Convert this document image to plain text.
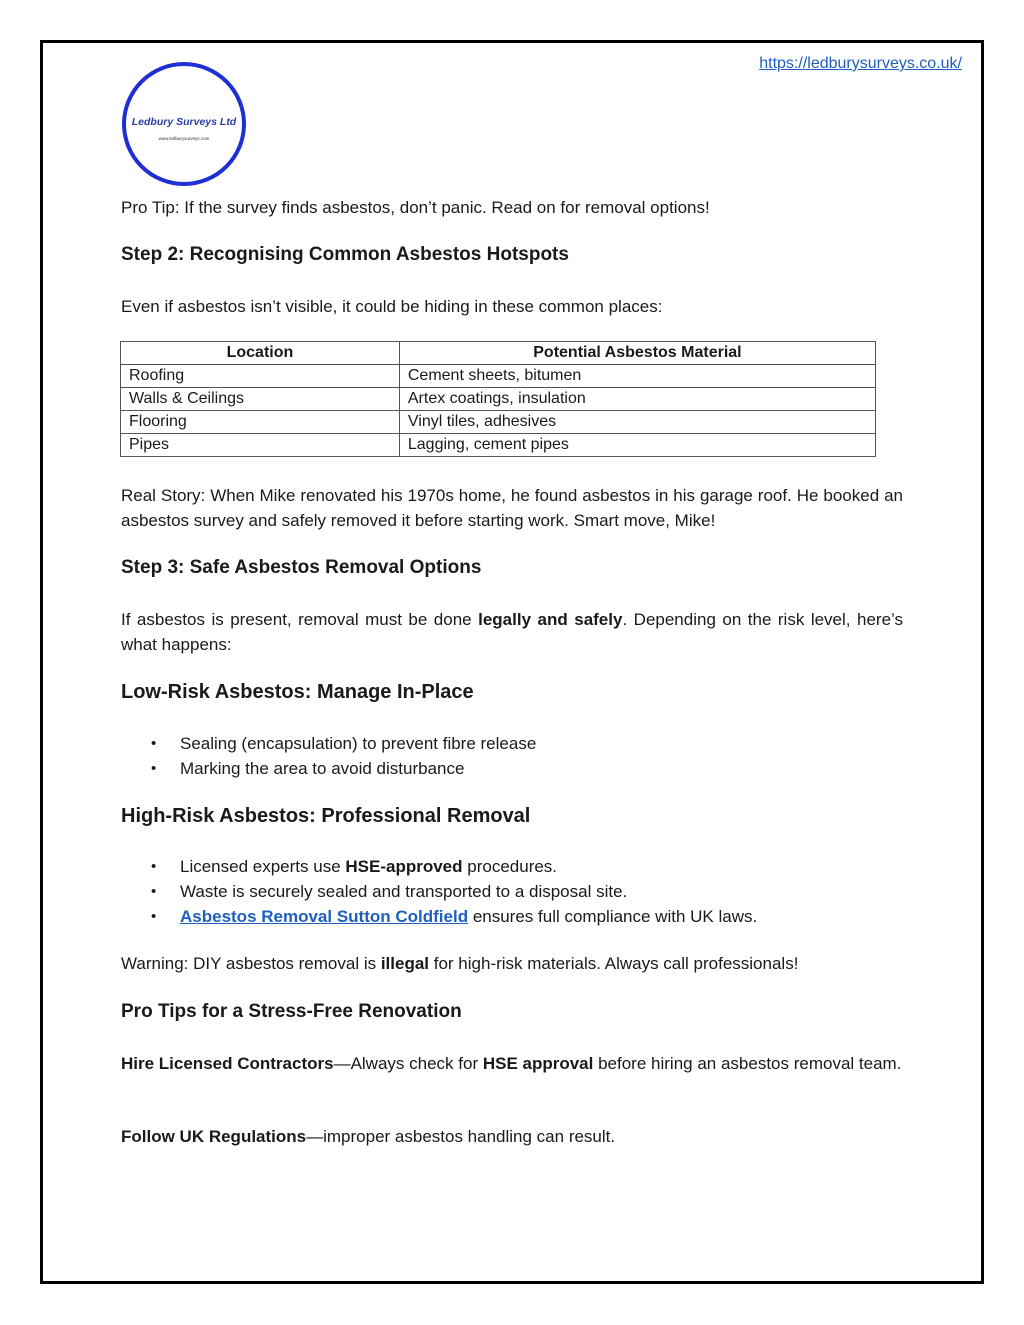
https://ledburysurveys.co.uk/
Ledbury Surveys Ltd
www.ledburysurveys.com
Pro Tip: If the survey finds asbestos, don’t panic. Read on for removal options!
Step 2: Recognising Common Asbestos Hotspots
Even if asbestos isn’t visible, it could be hiding in these common places:
Location	Potential Asbestos Material
Roofing	Cement sheets, bitumen
Walls & Ceilings	Artex coatings, insulation
Flooring	Vinyl tiles, adhesives
Pipes	Lagging, cement pipes
Real Story: When Mike renovated his 1970s home, he found asbestos in his garage roof. He booked an asbestos survey and safely removed it before starting work. Smart move, Mike!
Step 3: Safe Asbestos Removal Options
If asbestos is present, removal must be done legally and safely. Depending on the risk level, here’s what happens:
Low-Risk Asbestos: Manage In-Place
• Sealing (encapsulation) to prevent fibre release
• Marking the area to avoid disturbance
High-Risk Asbestos: Professional Removal
• Licensed experts use HSE-approved procedures.
• Waste is securely sealed and transported to a disposal site.
• Asbestos Removal Sutton Coldfield ensures full compliance with UK laws.
Warning: DIY asbestos removal is illegal for high-risk materials. Always call professionals!
Pro Tips for a Stress-Free Renovation
Hire Licensed Contractors—Always check for HSE approval before hiring an asbestos removal team.
Follow UK Regulations—improper asbestos handling can result.
